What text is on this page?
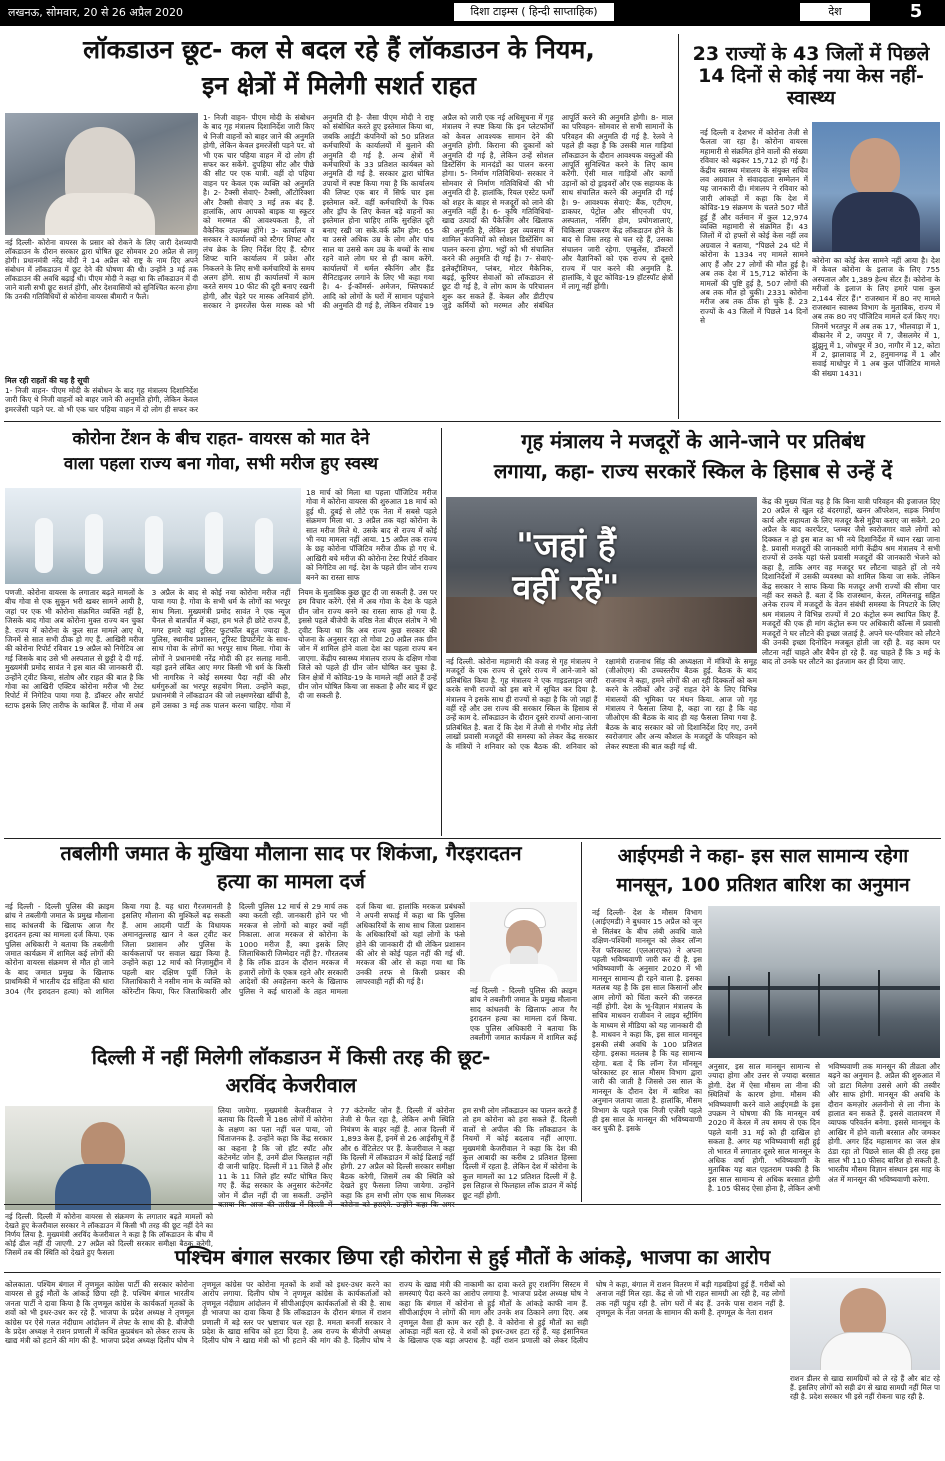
लखनऊ, सोमवार, 20 से 26 अप्रैल 2020	दिशा टाइम्स ( हिन्दी साप्ताहिक)	देश	5
लॉकडाउन छूट- कल से बदल रहे हैं लॉकडाउन के नियम,
इन क्षेत्रों में मिलेगी सशर्त राहत
नई दिल्ली- कोरोना वायरस के प्रसार को रोकने के लिए जारी देशव्यापी लॉकडाउन के दौरान सरकार द्वारा घोषित छूट सोमवार 20 अप्रैल से लागू होगी। प्रधानमंत्री नरेंद्र मोदी ने 14 अप्रैल को राष्ट्र के नाम दिए अपने संबोधन में लॉकडाउन में छूट देने की घोषणा की थी। उन्होंने 3 मई तक लॉकडाउन की अवधि बढ़ाई थी। पीएम मोदी ने कहा था कि लॉकडाउन में दी जाने वाली सभी छूट सशर्त होंगी, और देशवासियों को सुनिश्चित करना होगा कि उनकी गतिविधियों से कोरोना वायरस बीमारी न फैले।
मिल रही राहतों की यह है सूची
1- निजी वाहन- पीएम मोदी के संबोधन के बाद गृह मंत्रालय दिशानिर्देश जारी किए थे निजी वाहनों को बाहर जाने की अनुमति होगी, लेकिन केवल इमरजेंसी पड़ने पर. वो भी एक चार पहिया वाहन में दो लोग ही सफर कर
1- निजी वाहन- पीएम मोदी के संबोधन के बाद गृह मंत्रालय दिशानिर्देश जारी किए थे निजी वाहनों को बाहर जाने की अनुमति होगी, लेकिन केवल इमरजेंसी पड़ने पर. वो भी एक चार पहिया वाहन में दो लोग ही सफर कर सकेंगे. दुपहिया सीट और पीछे की सीट पर एक यात्री. वहीं दो पहिया वाहन पर केवल एक व्यक्ति को अनुमति है। 2- टैक्सी सेवाएं- टैक्सी, ऑटोरिक्शा और टैक्सी सेवाएं 3 मई तक बंद हैं. हालांकि, आप आपको बाइक या स्कूटर को मरम्मत की आवश्यकता है, तो वैकेनिक उपलब्ध होंगे। 3- कार्यालय व सरकार ने कार्यालयों को स्टैगर शिफ्ट और लंच ब्रेक के लिए निर्देश दिए हैं. स्टैगर शिफ्ट यानि कार्यालय में प्रवेश और निकलने के लिए सभी कर्मचारियों के समय अलग होंगे. साथ ही कार्यालयों में काम करते समय 10 फीट की दूरी बनाए रखनी होगी, और चेहरे पर मास्क अनिवार्य होंगे. सरकार ने इमरजेंस फेस मास्क को भी अनुमति दी है- जैसा पीएम मोदी ने राष्ट्र को संबोधित करते हुए इस्तेमाल किया था, जबकि आईटी कंपनियों को 50 प्रतिशत कर्मचारियों के कार्यालयों में बुलाने की अनुमति दी गई है. अन्य क्षेत्रों में कर्मचारियों के 33 प्रतिशत कार्यबल को अनुमति दी गई है. सरकार द्वारा घोषित उपायों में स्पष्ट किया गया है कि कार्यालय की लिफ्ट एक बार में सिर्फ चार इस इस्तेमाल करें. वहीं कर्मचारियों के पिक और ड्रॉप के लिए केवल बड़े वाहनों का इस्तेमाल होना चाहिए ताकि सुरक्षित दूरी बनाए रखी जा सके.वर्क फ्रॉम होम: 65 या उससे अधिक उम्र के लोग और पांच साल या उससे कम उम्र के बच्चों के साथ रहने वाले लोग घर से ही काम करेंगे. कार्यालयों में थर्मल स्कैनिंग और हैंड सैनिटाइजर लगाने के लिए भी कहा गया है। 4- ई-कॉमर्स- अमेजन, फ्लिपकार्ट आदि को लोगों के घरों में सामान पहुंचाने की अनुमति दी गई है, लेकिन रविवार 19 अप्रैल को जारी एक नई अधिसूचना में गृह मंत्रालय ने स्पष्ट किया कि इन प्लेटफॉर्मों को केवल आवश्यक सामान देने की अनुमति होगी. किराना की दुकानों को अनुमति दी गई है, लेकिन उन्हें सोशल डिस्टेंसिंग के मानदंडों का पालन करना होगा। 5- निर्माण गतिविधियां- सरकार ने सोमवार से निर्माण गतिविधियों की भी अनुमति दी है. हालांकि, रियल एस्टेट फर्मों को शहर के बाहर से मजदूरों को लाने की अनुमति नहीं है। 6- कृषि गतिविधियां- खाद्य उत्पादों की पैकेजिंग और खिलाफ की अनुमति है, लेकिन इस व्यवसाय में शामिल कंपनियों को सोशल डिस्टेंसिंग का पालन करना होगा. भट्ठों को भी संचालित करने की अनुमति दी गई है। 7- सेवाएं- इलेक्ट्रीशियन, प्लंबर, मोटर मैकेनिक, बढ़ई, कूरियर सेवाओं को लॉकडाउन से छूट दी गई है, वे लोग काम के परिचालन शुरू कर सकते हैं. केबल और डीटीएच जुड़े कर्मियों को मरम्मत और संबंधित आपूर्ति करने की अनुमति होगी। 8- माल का परिवहन- सोमवार से सभी सामानों के परिवहन की अनुमति दी गई है. रेलवे ने पहले ही कहा है कि उसकी माल गाड़ियां लॉकडाउन के दौरान आवश्यक वस्तुओं की आपूर्ति सुनिश्चित करने के लिए काम करेंगी. ऐसी माल गाड़ियों और कार्गो उड़ानों को दो ड्राइवरों और एक सहायक के साथ संचालित करने की अनुमति दी गई है। 9- आवश्यक सेवाएं: बैंक, एटीएम, डाकघर, पेट्रोल और सीएनजी पंप, अस्पताल, नर्सिंग होम, प्रयोगशालाएं, चिकित्सा उपकरण केंद्र लॉकडाउन होने के बाद से जिस तरह से चल रहे हैं, उसका संचालन जारी रहेगा. एम्बुलेंस, डॉक्टरों और वैज्ञानिकों को एक राज्य से दूसरे राज्य में पार करने की अनुमति है. हालांकि, ये छूट कोविड-19 हॉटस्पॉट क्षेत्रों में लागू नहीं होंगी।
23 राज्यों के 43 जिलों में पिछले 14 दिनों से कोई नया केस नहीं- स्वास्थ्य
नई दिल्ली व देशभर में कोरोना तेजी से फैलता जा रहा है। कोरोना वायरस महामारी से संक्रमित होने वालों की संख्या रविवार को बढ़कर 15,712 हो गई है। केंद्रीय स्वास्थ्य मंत्रालय के संयुक्त सचिव लव अग्रवाल ने संवाददाता सम्मेलन में यह जानकारी दी। मंत्रालय ने रविवार को जारी आंकड़ों में कहा कि देश में कोविड-19 संक्रमण के चलते 507 मौतें हुई हैं और वर्तमान में कुल 12,974 व्यक्ति महामारी से संक्रमित हैं। 43 जिलों में दो हफ्तों से कोई केस नहीं लव अग्रवाल ने बताया, "पिछले 24 घंटे में कोरोना के 1334 नए मामले सामने आए हैं और 27 लोगों की मौत हुई है। अब तक देश में 15,712 कोरोना के मामलों की पुष्टि हुई है, 507 लोगों की अब तक मौत हो चुकी। 2331 कोरोना मरीज अब तक ठीक हो चुके हैं. 23 राज्यों के 43 जिलों में पिछले 14 दिनों से
कोरोना का कोई केस सामने नहीं आया है। देश में केवल कोरोना के इलाज के लिए 755 अस्पताल और 1,389 हेल्थ सेंटर हैं। कोरोना के मरीजों के इलाज के लिए हमारे पास कुल 2,144 सेंटर हैं।" राजस्थान में 80 नए मामले राजस्थान स्वास्थ्य विभाग के मुताबिक, राज्य में अब तक 80 नए पॉजिटिव मामले दर्ज किए गए। जिनमें भरतपुर में अब तक 17, भीलवाड़ा में 1, बीकानेर में 2, जयपुर में 7, जैसलमेर में 1, झुंझुनू में 1, जोधपुर में 30, नागौर में 12, कोटा में 2, झालावाड़ में 2, हनुमानगढ़ में 1 और सवाई माधोपुर में 1 अब कुल पॉजिटिव मामले की संख्या 1431।
कोरोना टेंशन के बीच राहत- वायरस को मात देने
वाला पहला राज्य बना गोवा, सभी मरीज हुए स्वस्थ
18 मार्च को मिला था पहला पॉजिटिव मरीज गोवा में कोरोना वायरस की शुरुआत 18 मार्च को हुई थी. दुबई से लौटे एक नेता में सबसे पहले संक्रमण मिला था. 3 अप्रैल तक यहां कोरोना के सात मरीज मिले थे. उसके बाद से राज्य में कोई भी नया मामला नहीं आया. 15 अप्रैल तक राज्य के छह कोरोना पॉजिटिव मरीज ठीक हो गए थे. आखिरी बचे मरीज की कोरोना टेस्ट रिपोर्ट रविवार को निगेटिव आ गई. देश के पहले ग्रीन जोन राज्य बनने का रास्ता साफ
पणजी. कोरोना वायरस के लगातार बढ़ते मामलों के बीच गोवा से एक सुकून भरी खबर सामने आयी है, जहां पर एक भी कोरोना संक्रमित व्यक्ति नहीं है, जिसके बाद गोवा अब कोरोना मुक्त राज्य बन चुका है. राज्य में कोरोना के कुल सात मामले आए थे, जिनमें से सात सभी ठीक हो गए हैं. आखिरी मरीज की कोरोना रिपोर्ट रविवार 19 अप्रैल को निगेटिव आ गई जिसके बाद उसे भी अस्पताल से छुट्टी दे दी गई. मुख्यमंत्री प्रमोद सावंत ने इस बात की जानकारी दी. उन्होंने ट्वीट किया, संतोष और राहत की बात है कि गोवा का आखिरी एक्टिव कोरोना मरीज भी टेस्ट रिपोर्ट में निगेटिव पाया गया है. डॉक्टर और सपोर्ट स्टाफ इसके लिए तारीफ के काबिल हैं. गोवा में अब 3 अप्रैल के बाद से कोई नया कोरोना मरीज नहीं पाया गया है. गोवा के सभी धर्म के लोगों का भरपूर साथ मिला. मुख्यमंत्री प्रमोद सावंत ने एक न्यूज चैनल से बातचीत में कहा, हम भले ही छोटे राज्य हैं, मगर हमारे यहां टूरिस्ट फुटफॉल बहुत ज्यादा है. पुलिस, स्थानीय प्रशासन, टूरिस्ट डिपार्टमेंट के साथ-साथ गोवा के लोगों का भरपूर साथ मिला. गोवा के लोगों ने प्रधानमंत्री नरेंद्र मोदी की हर सलाह मानी. यहां इतने लंबित आए मगर किसी भी धर्म के किसी भी नागरिक ने कोई समस्या पैदा नहीं की और धर्मगुरुओं का भरपूर सहयोग मिला. उन्होंने कहा, प्रधानमंत्री ने लॉकडाउन की जो लक्ष्मणरेखा खींची है, हमें उसका 3 मई तक पालन करना चाहिए. गोवा में नियम के मुताबिक कुछ छूट दी जा सकती है. उस पर हम विचार करेंगे. ऐसे में अब गोवा के देश के पहले ग्रीन जोन राज्य बनने का रास्ता साफ हो गया है. इससे पहले बीजेपी के वरिष्ठ नेता बीएल संतोष ने भी ट्वीट किया था कि अब राज्य कुछ सरकार की योजना के अनुसार रहा तो गोवा 20 अप्रैल तक ग्रीन जोन में शामिल होने वाला देश का पहला राज्य बन जाएगा. केंद्रीय स्वास्थ्य मंत्रालय राज्य के दक्षिण गोवा जिले को पहले ही ग्रीन जोन घोषित कर चुका है. जिन क्षेत्रों में कोविड-19 के मामले नहीं आते हैं उन्हें ग्रीन जोन घोषित किया जा सकता है और बाद में छूट दी जा सकती है.
गृह मंत्रालय ने मजदूरों के आने-जाने पर प्रतिबंध
लगाया, कहा- राज्य सरकारें स्किल के हिसाब से उन्हें दें
"जहां हैं
वहीं रहें"
नई दिल्ली. कोरोना महामारी की वजह से गृह मंत्रालय ने मजदूरों के एक राज्य से दूसरे राज्य में आने-जाने को प्रतिबंधित किया है. गृह मंत्रालय ने एक गाइडलाइन जारी करके सभी राज्यों को इस बारे में सूचित कर दिया है. मंत्रालय ने इसके साथ ही राज्यों से कहा है कि जो जहां हैं वहीं रहें और उस राज्य की सरकार स्किल के हिसाब से उन्हें काम दे. लॉकडाउन के दौरान दूसरे राज्यों आना-जाना प्रतिबंधित है. बता दें कि देश में तेजी से गंभीर मोड़ लेती लाखों प्रवासी मजदूरों की समस्या को लेकर केंद्र सरकार के मंत्रियों ने शनिवार को एक बैठक की. शनिवार को रक्षामंत्री राजनाथ सिंह की अध्यक्षता में मंत्रियों के समूह (जीओएम) की उच्चस्तरीय बैठक हुई. बैठक के बाद राजनाथ ने कहा, हमने लोगों की आ रही दिक्कतों को कम करने के तरीकों और उन्हें राहत देने के लिए विभिन्न मंत्रालयों की भूमिका पर मंथन किया. आज जो गृह मंत्रालय ने फैसला लिया है, कहा जा रहा है कि वह जीओएम की बैठक के बाद ही यह फैसला लिया गया है. बैठक के बाद सरकार को जो दिशानिर्देश दिए गए, उनमें स्वरोजगार और अन्य कौशल के मजदूरों के परिवहन को लेकर स्पष्टता की बात कही गई थी.
केंद्र की मुख्य चिंता यह है कि बिना यात्री परिवहन की इजाजत दिए 20 अप्रैल से खुल रहे बंदरगाहों, खनन ऑपरेशन, सड़क निर्माण कार्य और सहायता के लिए मजदूर कैसे मुहैया कराए जा सकेंगे. 20 अप्रैल के बाद कारपेंटर, प्लम्बर जैसे स्वरोजगार वाले लोगों को दिक्कत न हो इस बात का भी नये दिशानिर्देश में ध्यान रखा जाना है. प्रवासी मजदूरों की जानकारी मांगी केंद्रीय श्रम मंत्रालय ने सभी राज्यों से उनके यहां फंसे प्रवासी मजदूरों की जानकारी भेजने को कहा है, ताकि अगर वह मजदूर घर लौटना चाहते हों तो नये दिशानिर्देशों में उसकी व्यवस्था को शामिल किया जा सके. लेकिन केंद्र सरकार ने साफ किया कि मजदूर अभी राज्यों की सीमा पार नहीं कर सकते हैं. बता दें कि राजस्थान, केरल, तमिलनाडु सहित अनेक राज्य में मजदूरों के वेतन संबंधी समस्या के निपटारे के लिए श्रम मंत्रालय ने विभिन्न राज्यों में 20 कंट्रोल रूम स्थापित किए हैं. मजदूरों की एक ही मांग कंट्रोल रूम पर अधिकारी कॉल्स में प्रवासी मजदूरों ने घर लौटने की इच्छा जताई है. अपने घर-परिवार को लौटने की उनकी इच्छा दिनोदिन मजबूत होती जा रही है. वह काम पर लौटना नहीं चाहते और बैचैन हो रहे हैं. वह चाहते हैं कि 3 मई के बाद तो उनके घर लौटने का इंतजाम कर ही दिया जाए.
तबलीगी जमात के मुखिया मौलाना साद पर शिकंजा, गैरइरादतन
हत्या का मामला दर्ज
नई दिल्ली - दिल्ली पुलिस की क्राइम ब्रांच ने तबलीगी जमात के प्रमुख मौलाना साद कांधलवी के खिलाफ आज गैर इरादतन हत्या का मामला दर्ज किया. एक पुलिस अधिकारी ने बताया कि तबलीगी जमात कार्यक्रम में शामिल कई लोगों की कोरोना वायरस संक्रमण से मौत हो जाने के बाद जमात प्रमुख के खिलाफ प्राथमिकी में भारतीय दंड संहिता की धारा 304 (गैर इरादतन हत्या) को शामिल किया गया है. यह धारा गैरजमानती है इसलिए मौलाना की मुश्किलें बढ़ सकती हैं. आम आदमी पार्टी के विधायक अमानतुल्लाह खान ने कल ट्वीट कर जिला प्रशासन और पुलिस के कार्यकलापों पर सवाल खड़ा किया है. उन्होंने कहा 12 मार्च को निज़ामुद्दीन में पहली बार दक्षिण पूर्वी जिले के जिलाधिकारी ने नसीम नाम के व्यक्ति को कोरेन्टीन किया, फिर जिलाधिकारी और दिल्ली पुलिस 12 मार्च से 29 मार्च तक क्या करती रही. जानकारी होने पर भी मरकज से लोगों को बाहर क्यों नहीं निकाला. आज मरकज से कोरोना के 1000 मरीज हैं, क्या इसके लिए जिलाधिकारी जिम्मेदार नहीं है?. गौरतलब है कि लॉक डाउन के दौरान मरकज में हजारों लोगों के एकत्र रहने और सरकारी आदेशों की अवहेलना करने के खिलाफ पुलिस ने कई धाराओं के तहत मामला दर्ज किया था. हालांकि मरकज प्रबंधकों ने अपनी सफाई में कहा था कि पुलिस अधिकारियों के साथ साथ जिला प्रशासन के अधिकारियों को यहां लोगों के फंसे होने की जानकारी दी थी लेकिन प्रशासन की ओर से कोई पहल नहीं की गई थी. मरकज की ओर से कहा गया था कि उनकी तरफ से किसी प्रकार की लापरवाही नहीं की गई है।
नई दिल्ली - दिल्ली पुलिस की क्राइम ब्रांच ने तबलीगी जमात के प्रमुख मौलाना साद कांधलवी के खिलाफ आज गैर इरादतन हत्या का मामला दर्ज किया. एक पुलिस अधिकारी ने बताया कि तबलीगी जमात कार्यक्रम में शामिल कई
आईएमडी ने कहा- इस साल सामान्य रहेगा
मानसून, 100 प्रतिशत बारिश का अनुमान
नई दिल्ली- देश के मौसम विभाग (आईएमडी) ने बुधवार 15 अप्रैल को जून से सितंबर के बीच लंबी अवधि वाले दक्षिण-पश्चिमी मानसून को लेकर लॉन्ग रेंज फॉरकास्ट (एलआरएफ) ने अपना पहली भविष्यवाणी जारी कर दी है. इस भविष्यवाणी के अनुसार 2020 में भी मानसून सामान्य ही रहने वाला है. इसका मतलब यह है कि इस साल किसानों और आम लोगों को चिंता करने की जरूरत नहीं होगी. देश के भू-विज्ञान मंत्रालय के सचिव माधवन राजीवन ने लाइव स्ट्रीमिंग के माध्यम से मीडिया को यह जानकारी दी है. माधवन ने कहा कि, इस साल मानसून इसकी लंबी अवधि के 100 प्रतिशत रहेगा. इसका मतलब है कि यह सामान्य रहेगा. बता दें कि लॉन्ग रेंज मॉनसून फोरकास्ट हर साल मौसम विभाग द्वारा जारी की जाती है जिससे उस साल के मानसून के दौरान देश में बारिश का अनुमान जताया जाता है. हालांकि, मौसम विभाग के पहले एक निजी एजेंसी पहले ही इस साल के मानसून की भविष्यवाणी कर चुकी है. इसके
अनुसार, इस साल मानसून सामान्य से ज्यादा होगा और उत्तर से ज्यादा बरसात होगी. देश में ऐसा मौसम ला नीना की स्थितियों के कारण होगा. मौसम की भविष्यवाणी करने वाले आईएमडी के इस उपक्रम ने घोषणा की कि मानसून वर्ष 2020 में केरल में तय समय से एक दिन पहले यानी 31 मई को ही दाखिल हो सकता है. अगर यह भविष्यवाणी सही हुई तो भारत में लगातार दूसरे साल मानसून के अधिक वर्षा होगी. भविष्यवाणी के मुताबिक यह बात एहतराम पक्की है कि इस साल सामान्य से अधिक बरसात होगी है. 105 फीसद ऐसा होना है, लेकिन अभी भविष्यवाणी तक मानसून की तीव्रता और बढ़ने का अनुमान है. अप्रैल की शुरुआत में जो डाटा मिलेगा उससे आगे की तस्वीर और साफ होगी. मानसून की अवधि के दौरान कमज़ोर अलनीनो से ला नीना के हालात बन सकते हैं. इससे वातावरण में व्यापक परिवर्तन बनेगा. इससे मानसून के आखिर में होने वाली बरसात और जमकर होगी. अगर हिंद महासागर का जल क्षेत्र ठंडा रहा तो पिछले साल की ही तरह इस साल भी 110 फीसद बारिश हो सकती है. भारतीय मौसम विज्ञान संस्थान इस माह के अंत में मानसून की भविष्यवाणी करेगा.
दिल्ली में नहीं मिलेगी लॉकडाउन में किसी तरह की छूट-
अरविंद केजरीवाल
नई दिल्ली. दिल्ली में कोरोना वायरस से संक्रमण के लगातार बढ़ते मामलों को देखते हुए केजरीवाल सरकार ने लॉकडाउन में किसी भी तरह की छूट नहीं देने का निर्णय लिया है. मुख्यमंत्री अरविंद केजरीवाल ने कहा है कि लॉकडाउन के बीच में कोई ढील नहीं दी जाएगी. 27 अप्रैल को दिल्ली सरकार समीक्षा बैठक करेगी, जिसमें तब की स्थिति को देखते हुए फैसला
लिया जायेगा. मुख्यमंत्री केजरीवाल ने बताया कि दिल्ली में 186 लोगों में कोरोना के लक्षण का पता नहीं चल पाया, जो चिंताजनक है. उन्होंने कहा कि केंद्र सरकार का कहना है कि जो हॉट स्पॉट और कंटेनमेंट जोन हैं, उनमें ढील फिलहाल नहीं दी जानी चाहिए. दिल्ली में 11 जिले हैं और 11 के 11 जिले हॉट स्पॉट घोषित किए गए हैं. केंद्र सरकार के अनुसार कंटेनमेंट जोन में ढील नहीं दी जा सकती. उन्होंने 77 कंटेनमेंट जोन हैं. दिल्ली में कोरोना तेजी से फैल रहा है, लेकिन अभी स्थिति नियंत्रण के बाहर नहीं है. आज दिल्ली में 1,893 केस हैं, इनमें से 26 आईसीयू में हैं और 6 वेंटिलेटर पर हैं. केजरीवाल ने कहा कि दिल्ली में लॉकडाउन में कोई ढिलाई नहीं होगी. 27 अप्रैल को दिल्ली सरकार समीक्षा बैठक करेगी, जिसमें तब की स्थिति को देखते हुए फैसला लिया जायेगा. उन्होंने कहा कि हम सभी लोग एक साथ मिलकर हम सभी लोग लॉकडाउन का पालन करते हैं तो हम कोरोना को हरा सकते हैं. दिल्ली वालों से अपील की कि लॉकडाउन के नियमों में कोई बदलाव नहीं आएगा. मुख्यमंत्री केजरीवाल ने कहा कि देश की कुल आबादी का करीब 2 प्रतिशत हिस्सा दिल्ली में रहता है. लेकिन देश में कोरोना के कुल मामलों का 12 प्रतिशत दिल्ली में है. इस लिहाज से फिलहाल लॉक डाउन में कोई छूट नहीं होगी.
पश्चिम बंगाल सरकार छिपा रही कोरोना से हुई मौतों के आंकड़े, भाजपा का आरोप
कोलकाता. पश्चिम बंगाल में तृणमूल कांग्रेस पार्टी की सरकार कोरोना वायरस से हुई मौतों के आंकड़े छिपा रही है. पश्चिम बंगाल भारतीय जनता पार्टी ने दावा किया है कि तृणमूल कांग्रेस के कार्यकर्ता मृतकों के शवों को भी इधर-उधर कर रहे हैं. भाजपा के प्रदेश अध्यक्ष ने तृणमूल कांग्रेस पर ऐसे गलत नंदीग्राम आंदोलन में लेफ्ट के साथ की है. बीजेपी के प्रदेश अध्यक्ष ने राशन प्रणाली में कथित कुप्रबंधन को लेकर राज्य के खाद्य मंत्री को हटाने की मांग की है. भाजपा प्रदेश अध्यक्ष दिलीप घोष ने तृणमूल कांग्रेस पर कोरोना मृतकों के शवों को इधर-उधर करने का आरोप लगाया. दिलीप घोष ने तृणमूल कांग्रेस के कार्यकर्ताओं को तृणमूल नंदीग्राम आंदोलन में सीपीआईएम कार्यकर्ताओं से की है. साथ ही भाजपा का दावा किया है कि लॉकडाउन के दौरान बंगाल में राशन प्रणाली में बड़े स्तर पर भ्रष्टाचार चल रहा है. ममता बनर्जी सरकार ने प्रदेश के खाद्य सचिव को हटा दिया है. अब राज्य के बीजेपी अध्यक्ष दिलीप घोष ने खाद्य मंत्री को भी हटाने की मांग की है. दिलीप घोष ने राज्य के खाद्य मंत्री की नाकामी का दावा करते हुए राशनिंग सिस्टम में समस्याएं पैदा करने का आरोप लगाया है. भाजपा प्रदेश अध्यक्ष घोष ने कहा कि बंगाल में कोरोना से हुई मौतों के आंकड़े काफी नाम हैं. सीपीआईएम ने लोगों की माग और उनके शव ठिकाने लगा दिए. अब तृणमूल वैसा ही काम कर रही है. वे कोरोना से हुई मौतों का सही आंकड़ा नहीं बता रहे. वे शवों को इधर-उधर हटा रहे हैं. यह इंसानियत के खिलाफ एक बड़ा अपराध है. वहीं राशन प्रणाली को लेकर दिलीप घोष ने कहा, बंगाल में राशन वितरण में बड़ी गड़बड़ियां हुई हैं. गरीबों को अनाज नहीं मिल रहा. केंद्र से जो भी राहत सामग्री आ रही है, वह लोगों तक नहीं पहुंच रही है. लोग घरों में बंद हैं. उनके पास राशन नहीं है. तृणमूल के नेता जनता के सामान की कमी है. तृणमूल के नेता राशन
राशन डीलर से खाद्य सामग्रियों को ले रहे हैं और बांट रहे हैं. इसलिए लोगों को सही ढंग से खाद्य सामग्री नहीं मिल पा रही है. प्रदेश सरकार भी इसे नहीं रोकना चाह रही है.
